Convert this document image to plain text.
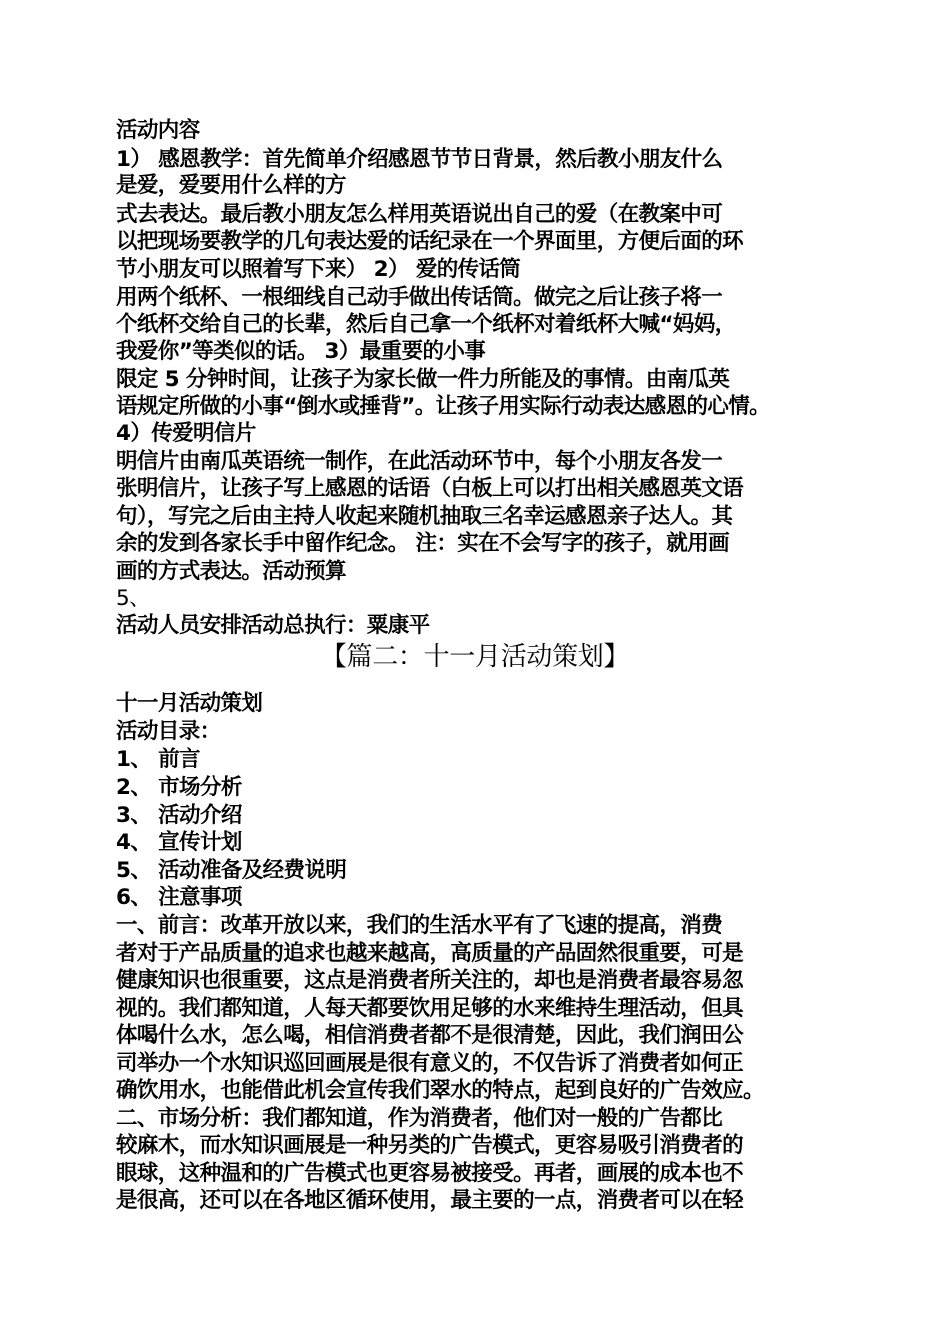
活动内容
1） 感恩教学：首先简单介绍感恩节节日背景，然后教小朋友什么
是爱，爱要用什么样的方
式去表达。最后教小朋友怎么样用英语说出自己的爱（在教案中可
以把现场要教学的几句表达爱的话纪录在一个界面里，方便后面的环
节小朋友可以照着写下来） 2） 爱的传话筒
用两个纸杯、一根细线自己动手做出传话筒。做完之后让孩子将一
个纸杯交给自己的长辈，然后自己拿一个纸杯对着纸杯大喊“妈妈，
我爱你”等类似的话。 3）最重要的小事
限定 5 分钟时间，让孩子为家长做一件力所能及的事情。由南瓜英
语规定所做的小事“倒水或捶背”。让孩子用实际行动表达感恩的心情。
4）传爱明信片
明信片由南瓜英语统一制作，在此活动环节中，每个小朋友各发一
张明信片，让孩子写上感恩的话语（白板上可以打出相关感恩英文语
句），写完之后由主持人收起来随机抽取三名幸运感恩亲子达人。其
余的发到各家长手中留作纪念。 注：实在不会写字的孩子，就用画
画的方式表达。活动预算
5、
活动人员安排活动总执行：粟康平
【篇二：十一月活动策划】
十一月活动策划
活动目录：
1、 前言
2、 市场分析
3、 活动介绍
4、 宣传计划
5、 活动准备及经费说明
6、 注意事项
一、前言：改革开放以来，我们的生活水平有了飞速的提高，消费
者对于产品质量的追求也越来越高，高质量的产品固然很重要，可是
健康知识也很重要，这点是消费者所关注的，却也是消费者最容易忽
视的。我们都知道，人每天都要饮用足够的水来维持生理活动，但具
体喝什么水，怎么喝，相信消费者都不是很清楚，因此，我们润田公
司举办一个水知识巡回画展是很有意义的，不仅告诉了消费者如何正
确饮用水，也能借此机会宣传我们翠水的特点，起到良好的广告效应。
二、市场分析：我们都知道，作为消费者，他们对一般的广告都比
较麻木，而水知识画展是一种另类的广告模式，更容易吸引消费者的
眼球，这种温和的广告模式也更容易被接受。再者，画展的成本也不
是很高，还可以在各地区循环使用，最主要的一点，消费者可以在轻
